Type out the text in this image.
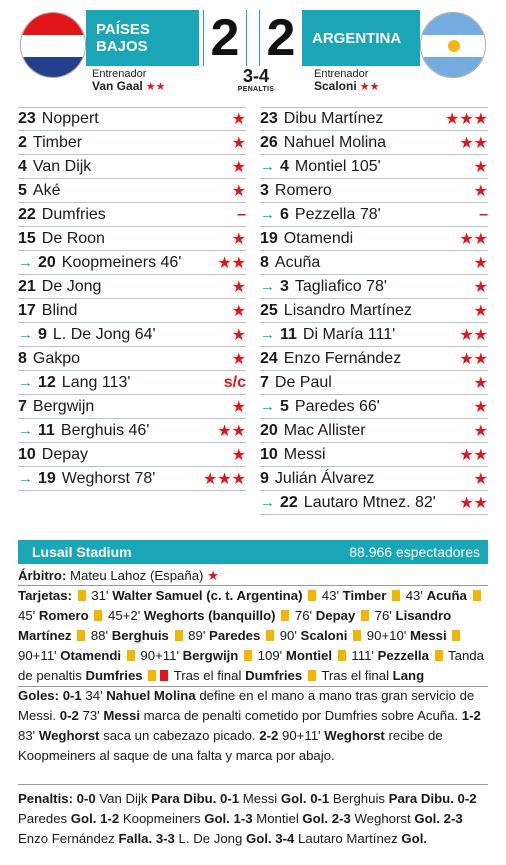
PAÍSES BAJOS	2 2	ARGENTINA
Entrenador
Van Gaal ★★
3-4
PENALTIS
Entrenador
Scaloni ★★
23 Noppert	★
2 Timber	★
4 Van Dijk	★
5 Aké	★
22 Dumfries	–
15 De Roon	★
→ 20 Koopmeiners 46' ★★
21 De Jong	★
17 Blind	★
→ 9 L. De Jong 64'	★
8 Gakpo	★
→ 12 Lang 113'	s/c
7 Bergwijn	★
→ 11 Berghuis 46'	★★
10 Depay	★
→ 19 Weghorst 78'	★★★
23 Dibu Martínez	★★★
26 Nahuel Molina	★★
→ 4 Montiel 105'	★
3 Romero	★
→ 6 Pezzella 78'	–
19 Otamendi	★★
8 Acuña	★
→ 3 Tagliafico 78'	★
25 Lisandro Martínez	★
→ 11 Di María 111'	★★
24 Enzo Fernández	★★
7 De Paul	★
→ 5 Paredes 66'	★
20 Mac Allister	★
10 Messi	★★
9 Julián Álvarez	★
→ 22 Lautaro Mtnez. 82' ★★
Lusail Stadium	88.966 espectadores
Árbitro: Mateu Lahoz (España) ★
Tarjetas:  31' Walter Samuel (c. t. Argentina)  43' Timber  43' Acuña  45' Romero  45+2' Weghorts (banquillo)  76' Depay  76' Lisandro Martínez  88' Berghuis  89' Paredes  90' Scaloni  90+10' Messi  90+11' Otamendi  90+11' Bergwijn  109' Montiel  111' Pezzella  Tanda de penaltis Dumfries  Tras el final Dumfries  Tras el final Lang
Goles: 0-1 34' Nahuel Molina define en el mano a mano tras gran servicio de Messi. 0-2 73' Messi marca de penalti cometido por Dumfries sobre Acuña. 1-2 83' Weghorst saca un cabezazo picado. 2-2 90+11' Weghorst recibe de Koopmeiners al saque de una falta y marca por abajo.
Penaltis: 0-0 Van Dijk Para Dibu. 0-1 Messi Gol. 0-1 Berghuis Para Dibu. 0-2 Paredes Gol. 1-2 Koopmeiners Gol. 1-3 Montiel Gol. 2-3 Weghorst Gol. 2-3 Enzo Fernández Falla. 3-3 L. De Jong Gol. 3-4 Lautaro Martínez Gol.
